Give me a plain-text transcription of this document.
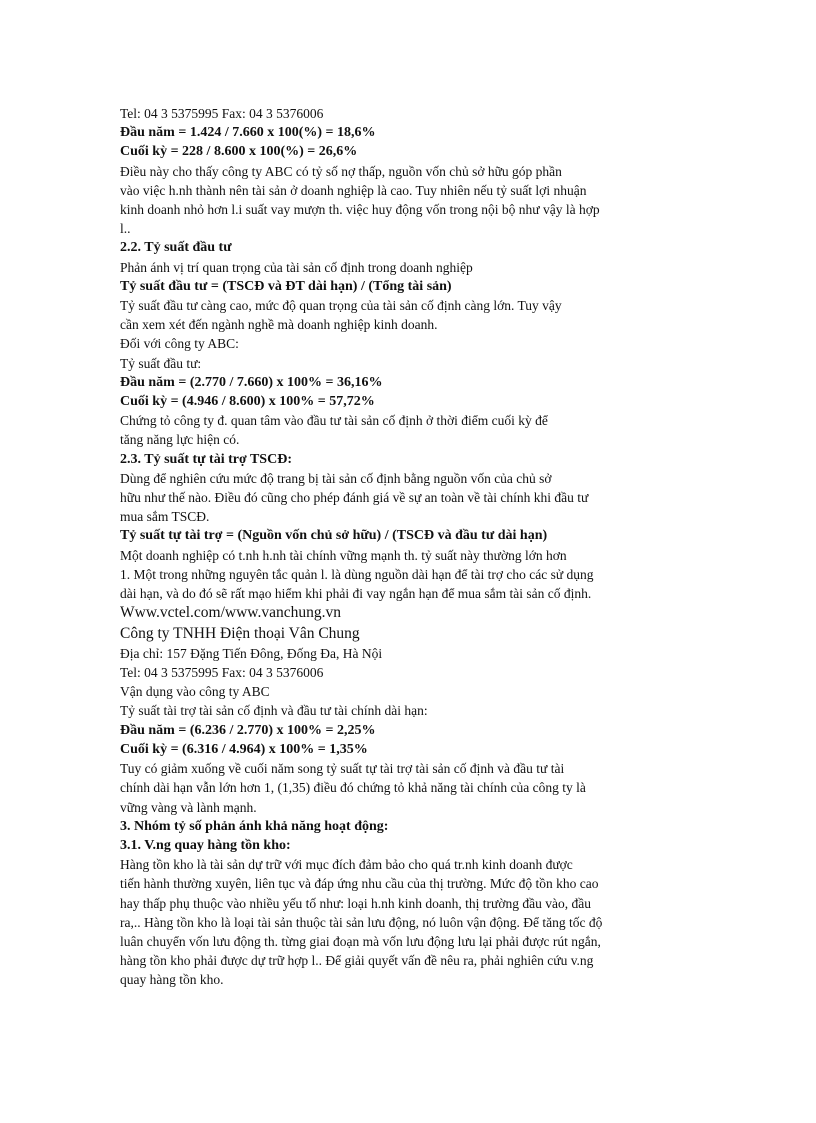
Tel: 04 3 5375995 Fax: 04 3 5376006

Đầu năm = 1.424 / 7.660 x 100(%) = 18,6%

Cuối kỳ = 228 / 8.600 x 100(%) = 26,6%

Điều này cho thấy công ty ABC có tỷ số nợ thấp, nguồn vốn chủ sở hữu góp phần

vào việc h.nh thành nên tài sản ở doanh nghiệp là cao. Tuy nhiên nếu tỷ suất lợi nhuận

kinh doanh nhỏ hơn l.i suất vay mượn th. việc huy động vốn trong nội bộ như vậy là hợp

l..

2.2. Tỷ suất đầu tư

Phản ánh vị trí quan trọng của tài sản cố định trong doanh nghiệp

Tỷ suất đầu tư = (TSCĐ và ĐT dài hạn) / (Tổng tài sản)

Tỷ suất đầu tư càng cao, mức độ quan trọng của tài sản cố định càng lớn. Tuy vậy

cần xem xét đến ngành nghề mà doanh nghiệp kinh doanh.

Đối với công ty ABC:

Tỷ suất đầu tư:

Đầu năm = (2.770 / 7.660) x 100% = 36,16%

Cuối kỳ = (4.946 / 8.600) x 100% = 57,72%

Chứng tỏ công ty đ. quan tâm vào đầu tư tài sản cố định ở thời điểm cuối kỳ để

tăng năng lực hiện có.

2.3. Tỷ suất tự tài trợ TSCĐ:

Dùng để nghiên cứu mức độ trang bị tài sản cố định bằng nguồn vốn của chủ sở

hữu như thế nào. Điều đó cũng cho phép đánh giá về sự an toàn về tài chính khi đầu tư

mua sắm TSCĐ.

Tỷ suất tự tài trợ = (Nguồn vốn chủ sở hữu) / (TSCĐ và đầu tư dài hạn)

Một doanh nghiệp có t.nh h.nh tài chính vững mạnh th. tỷ suất này thường lớn hơn

1. Một trong những nguyên tắc quản l. là dùng nguồn dài hạn để tài trợ cho các sử dụng

dài hạn, và do đó sẽ rất mạo hiểm khi phải đi vay ngắn hạn để mua sắm tài sản cố định.

Www.vctel.com/www.vanchung.vn

Công ty TNHH Điện thoại Vân Chung

Địa chỉ: 157 Đặng Tiến Đông, Đống Đa, Hà Nội

Tel: 04 3 5375995 Fax: 04 3 5376006

Vận dụng vào công ty ABC

Tỷ suất tài trợ tài sản cố định và đầu tư tài chính dài hạn:

Đầu năm = (6.236 / 2.770) x 100% = 2,25%

Cuối kỳ = (6.316 / 4.964) x 100% = 1,35%

Tuy có giảm xuống về cuối năm song tỷ suất tự tài trợ tài sản cố định và đầu tư tài

chính dài hạn vẫn lớn hơn 1, (1,35) điều đó chứng tỏ khả năng tài chính của công ty là

vững vàng và lành mạnh.

3. Nhóm tỷ số phản ánh khả năng hoạt động:

3.1. V.ng quay hàng tồn kho:

Hàng tồn kho là tài sản dự trữ với mục đích đảm bảo cho quá tr.nh kinh doanh được

tiến hành thường xuyên, liên tục và đáp ứng nhu cầu của thị trường. Mức độ tồn kho cao

hay thấp phụ thuộc vào nhiều yếu tố như: loại h.nh kinh doanh, thị trường đầu vào, đầu

ra,.. Hàng tồn kho là loại tài sản thuộc tài sản lưu động, nó luôn vận động. Để tăng tốc độ

luân chuyển vốn lưu động th. từng giai đoạn mà vốn lưu động lưu lại phải được rút ngắn,

hàng tồn kho phải được dự trữ hợp l.. Để giải quyết vấn đề nêu ra, phải nghiên cứu v.ng

quay hàng tồn kho.
